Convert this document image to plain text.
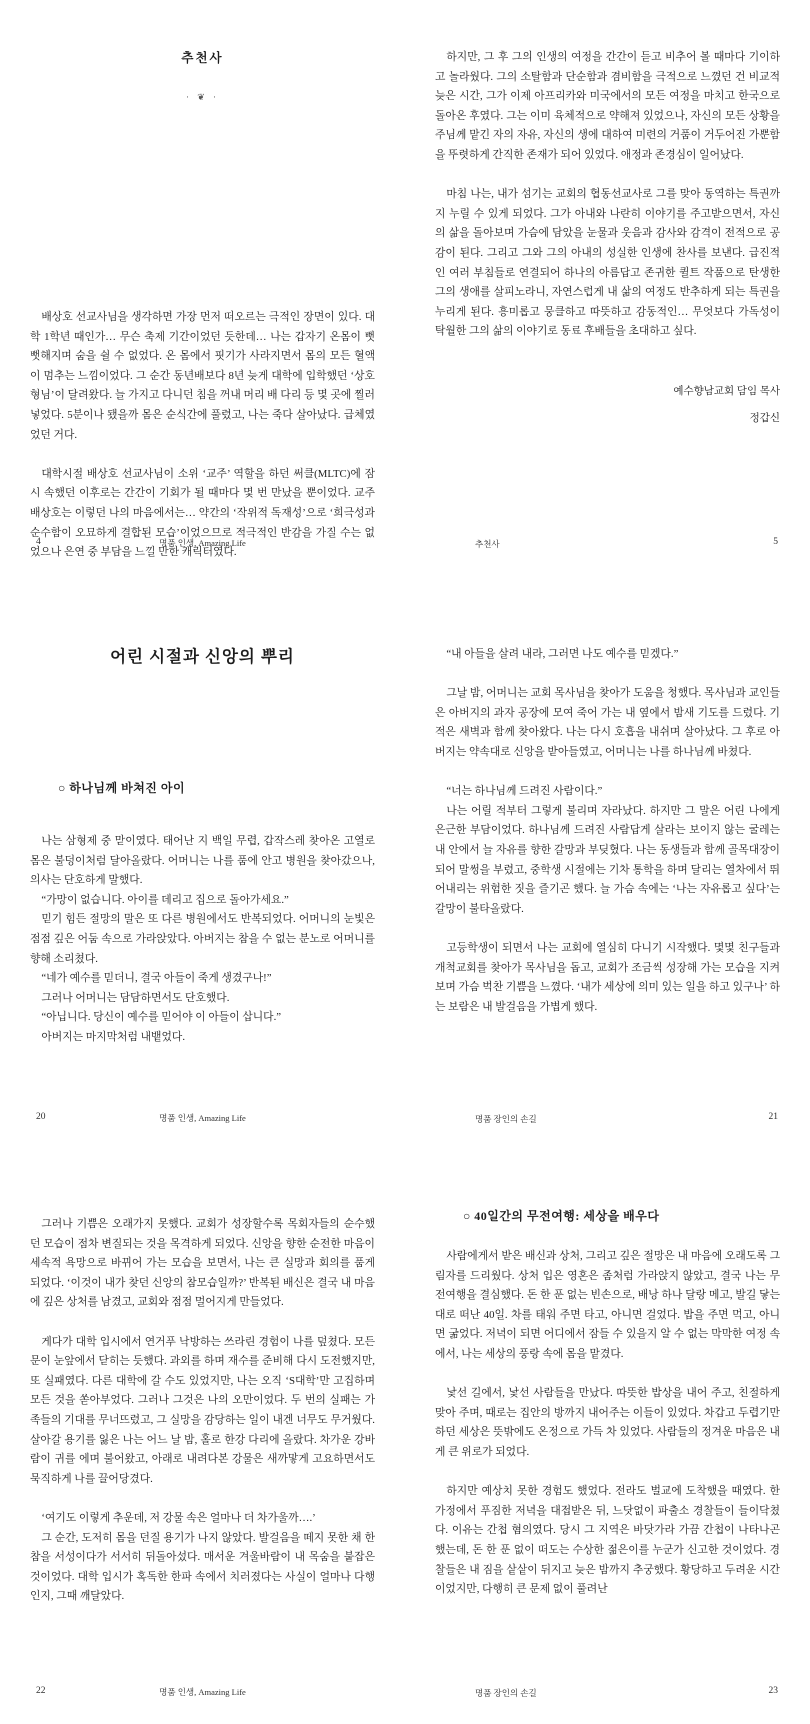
추천사
· ❦ ·

배상호 선교사님을 생각하면 가장 먼저 떠오르는 극적인 장면이 있다. 대학 1학년 때인가… 무슨 축제 기간이었던 듯한데… 나는 갑자기 온몸이 뻣뻣해지며 숨을 쉴 수 없었다. 온 몸에서 핏기가 사라지면서 몸의 모든 혈액이 멈추는 느낌이었다. 그 순간 동년배보다 8년 늦게 대학에 입학했던 ‘상호 형님’이 달려왔다. 늘 가지고 다니던 침을 꺼내 머리 배 다리 등 몇 곳에 찔러 넣었다. 5분이나 됐을까 몸은 순식간에 풀렸고, 나는 죽다 살아났다. 급체였었던 거다.

대학시절 배상호 선교사님이 소위 ‘교주’ 역할을 하던 써클(MLTC)에 잠시 속했던 이후로는 간간이 기회가 될 때마다 몇 번 만났을 뿐이었다. 교주 배상호는 이렇던 나의 마음에서는… 약간의 ‘작위적 독재성’으로 ‘희극성과 순수함이 오묘하게 결합된 모습’이었으므로 적극적인 반감을 가질 수는 없었으나 은연 중 부담을 느낄 만한 캐릭터였다.

4	명품 인생, Amazing Life

하지만, 그 후 그의 인생의 여정을 간간이 듣고 비추어 볼 때마다 기이하고 놀라웠다. 그의 소탈함과 단순함과 겸비함을 극적으로 느꼈던 건 비교적 늦은 시간, 그가 이제 아프리카와 미국에서의 모든 여정을 마치고 한국으로 돌아온 후였다. 그는 이미 육체적으로 약해져 있었으나, 자신의 모든 상황을 주님께 맡긴 자의 자유, 자신의 생에 대하여 미련의 거품이 거두어진 가뿐함을 뚜렷하게 간직한 존재가 되어 있었다. 애정과 존경심이 일어났다.

마침 나는, 내가 섬기는 교회의 협동선교사로 그를 맞아 동역하는 특권까지 누릴 수 있게 되었다. 그가 아내와 나란히 이야기를 주고받으면서, 자신의 삶을 돌아보며 가슴에 담았을 눈물과 웃음과 감사와 감격이 전적으로 공감이 된다. 그리고 그와 그의 아내의 성실한 인생에 찬사를 보낸다. 급진적인 여러 부침들로 연결되어 하나의 아름답고 존귀한 퀼트 작품으로 탄생한 그의 생애를 살피노라니, 자연스럽게 내 삶의 여정도 반추하게 되는 특권을 누리게 된다. 흥미롭고 뭉클하고 따뜻하고 감동적인… 무엇보다 가독성이 탁월한 그의 삶의 이야기로 동료 후배들을 초대하고 싶다.

예수향남교회 담임 목사
정갑신
추천사	5
어린 시절과 신앙의 뿌리
○ 하나님께 바쳐진 아이

나는 삼형제 중 맏이였다. 태어난 지 백일 무렵, 갑작스레 찾아온 고열로 몸은 불덩이처럼 달아올랐다. 어머니는 나를 품에 안고 병원을 찾아갔으나, 의사는 단호하게 말했다.

“가망이 없습니다. 아이를 데리고 집으로 돌아가세요.”

믿기 힘든 절망의 말은 또 다른 병원에서도 반복되었다. 어머니의 눈빛은 점점 깊은 어둠 속으로 가라앉았다. 아버지는 참을 수 없는 분노로 어머니를 향해 소리쳤다.

“네가 예수를 믿더니, 결국 아들이 죽게 생겼구나!”

그러나 어머니는 담담하면서도 단호했다.

“아닙니다. 당신이 예수를 믿어야 이 아들이 삽니다.”

아버지는 마지막처럼 내뱉었다.

20	명품 인생, Amazing Life

“내 아들을 살려 내라, 그러면 나도 예수를 믿겠다.”

그날 밤, 어머니는 교회 목사님을 찾아가 도움을 청했다. 목사님과 교인들은 아버지의 과자 공장에 모여 죽어 가는 내 옆에서 밤새 기도를 드렸다. 기적은 새벽과 함께 찾아왔다. 나는 다시 호흡을 내쉬며 살아났다. 그 후로 아버지는 약속대로 신앙을 받아들였고, 어머니는 나를 하나님께 바쳤다.

“너는 하나님께 드려진 사람이다.”

나는 어릴 적부터 그렇게 불리며 자라났다. 하지만 그 말은 어린 나에게 은근한 부담이었다. 하나님께 드려진 사람답게 살라는 보이지 않는 굴레는 내 안에서 늘 자유를 향한 갈망과 부딪혔다. 나는 동생들과 함께 골목대장이 되어 말썽을 부렸고, 중학생 시절에는 기차 통학을 하며 달리는 열차에서 뛰어내리는 위험한 짓을 즐기곤 했다. 늘 가슴 속에는 ‘나는 자유롭고 싶다’는 갈망이 불타올랐다.

고등학생이 되면서 나는 교회에 열심히 다니기 시작했다. 몇몇 친구들과 개척교회를 찾아가 목사님을 돕고, 교회가 조금씩 성장해 가는 모습을 지켜보며 가슴 벅찬 기쁨을 느꼈다. ‘내가 세상에 의미 있는 일을 하고 있구나’ 하는 보람은 내 발걸음을 가볍게 했다.

명품 장인의 손길	21

그러나 기쁨은 오래가지 못했다. 교회가 성장할수록 목회자들의 순수했던 모습이 점차 변질되는 것을 목격하게 되었다. 신앙을 향한 순전한 마음이 세속적 욕망으로 바뀌어 가는 모습을 보면서, 나는 큰 실망과 회의를 품게 되었다. ‘이것이 내가 찾던 신앙의 참모습일까?’ 반복된 배신은 결국 내 마음에 깊은 상처를 남겼고, 교회와 점점 멀어지게 만들었다.

게다가 대학 입시에서 연거푸 낙방하는 쓰라린 경험이 나를 덮쳤다. 모든 문이 눈앞에서 닫히는 듯했다. 과외를 하며 재수를 준비해 다시 도전했지만, 또 실패였다. 다른 대학에 갈 수도 있었지만, 나는 오직 ‘S대학’만 고집하며 모든 것을 쏟아부었다. 그러나 그것은 나의 오만이었다. 두 번의 실패는 가족들의 기대를 무너뜨렸고, 그 실망을 감당하는 일이 내겐 너무도 무거웠다. 살아갈 용기를 잃은 나는 어느 날 밤, 홀로 한강 다리에 올랐다. 차가운 강바람이 귀를 에며 불어왔고, 아래로 내려다본 강물은 새까맣게 고요하면서도 묵직하게 나를 끌어당겼다.

‘여기도 이렇게 추운데, 저 강물 속은 얼마나 더 차가울까….’

그 순간, 도저히 몸을 던질 용기가 나지 않았다. 발걸음을 떼지 못한 채 한참을 서성이다가 서서히 뒤돌아섰다. 매서운 겨울바람이 내 목숨을 붙잡은 것이었다. 대학 입시가 혹독한 한파 속에서 치러졌다는 사실이 얼마나 다행인지, 그때 깨달았다.

22	명품 인생, Amazing Life
○ 40일간의 무전여행: 세상을 배우다

사람에게서 받은 배신과 상처, 그리고 깊은 절망은 내 마음에 오래도록 그림자를 드리웠다. 상처 입은 영혼은 좀처럼 가라앉지 않았고, 결국 나는 무전여행을 결심했다. 돈 한 푼 없는 빈손으로, 배낭 하나 달랑 메고, 발길 닿는 대로 떠난 40일. 차를 태워 주면 타고, 아니면 걸었다. 밥을 주면 먹고, 아니면 굶었다. 저녁이 되면 어디에서 잠들 수 있을지 알 수 없는 막막한 여정 속에서, 나는 세상의 풍랑 속에 몸을 맡겼다.

낯선 길에서, 낯선 사람들을 만났다. 따뜻한 밥상을 내어 주고, 친절하게 맞아 주며, 때로는 집안의 방까지 내어주는 이들이 있었다. 차갑고 두렵기만 하던 세상은 뜻밖에도 온정으로 가득 차 있었다. 사람들의 정겨운 마음은 내게 큰 위로가 되었다.

하지만 예상치 못한 경험도 했었다. 전라도 벌교에 도착했을 때였다. 한 가정에서 푸짐한 저녁을 대접받은 뒤, 느닷없이 파출소 경찰들이 들이닥쳤다. 이유는 간첩 혐의였다. 당시 그 지역은 바닷가라 가끔 간첩이 나타나곤 했는데, 돈 한 푼 없이 떠도는 수상한 젊은이를 누군가 신고한 것이었다. 경찰들은 내 짐을 샅샅이 뒤지고 늦은 밤까지 추궁했다. 황당하고 두려운 시간이었지만, 다행히 큰 문제 없이 풀려난

명품 장인의 손길	23
